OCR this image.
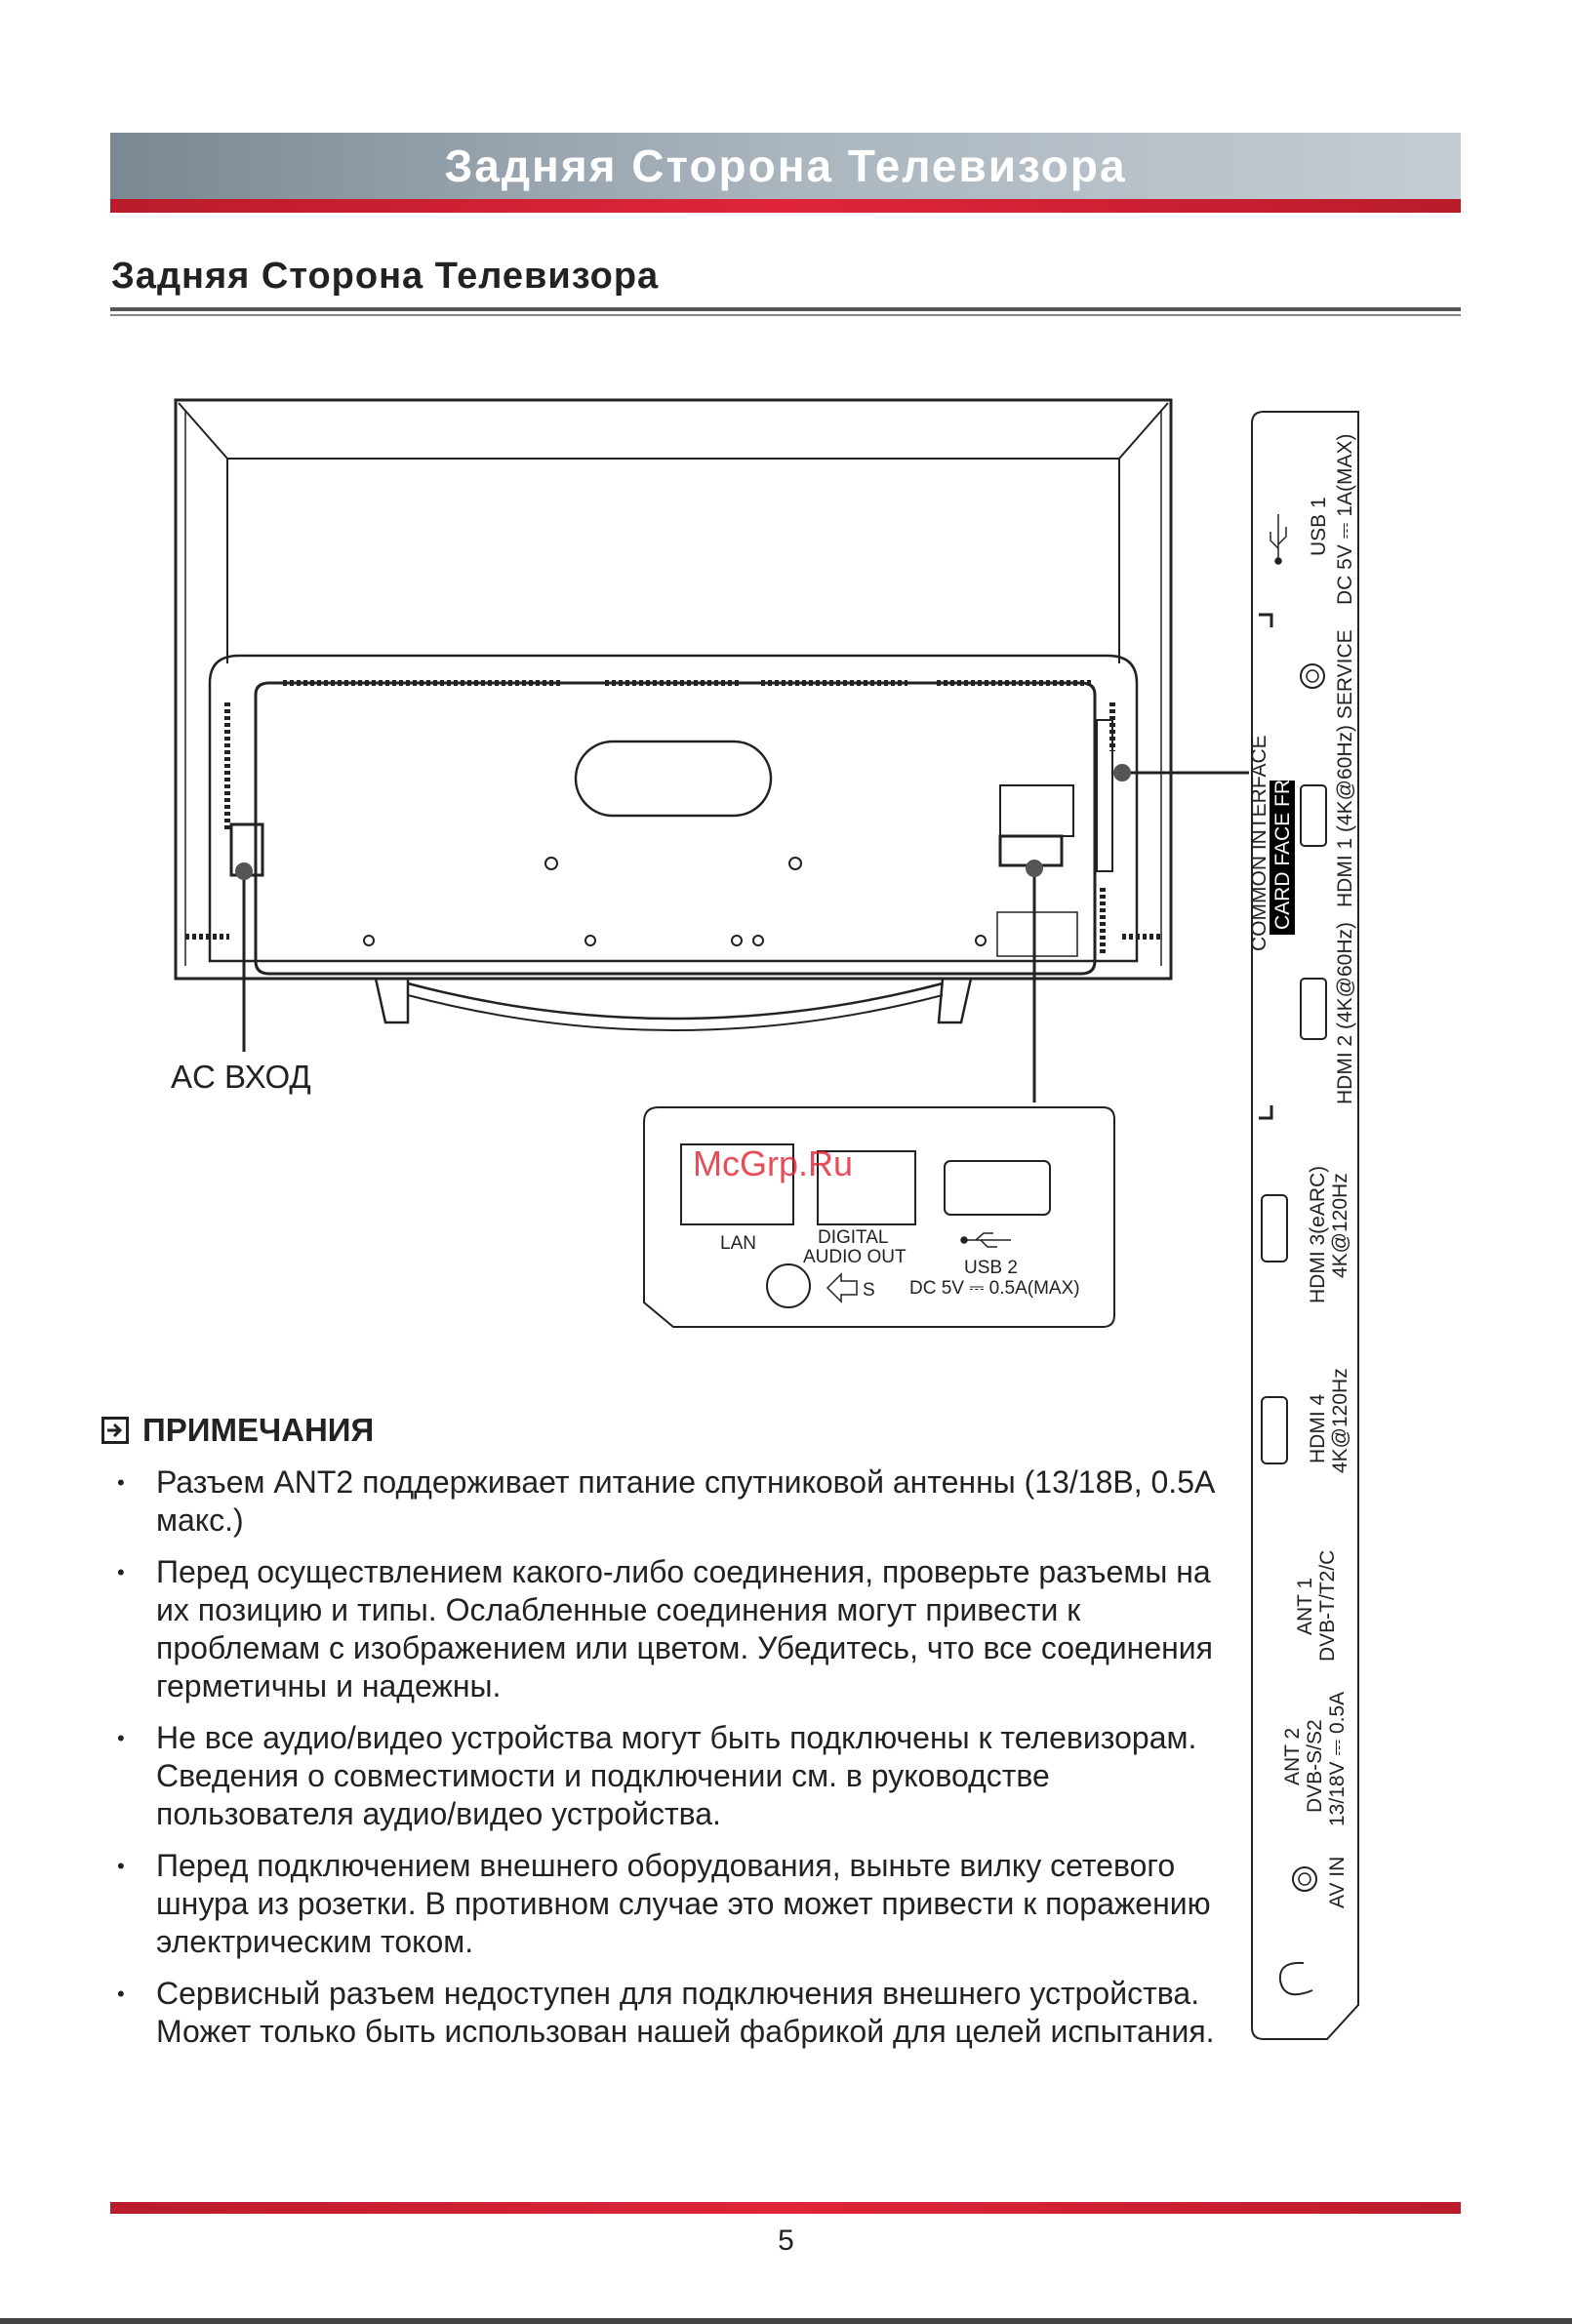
Задняя Сторона Телевизора
Задняя Сторона Телевизора
AC ВХОД
LAN	DIGITAL
AUDIO OUT
USB 2
DC 5V ⎓ 0.5A(MAX)
S
McGrp.Ru
USB 1 DC 5V ⎓ 1A(MAX)
HDMI 1 (4K@60Hz) SERVICE
COMMON INTERFACE CARD FACE FRONT
HDMI 2 (4K@60Hz)
HDMI 3(eARC) 4K@120Hz
HDMI 4 4K@120Hz
ANT 1 DVB-T/T2/C
ANT 2 DVB-S/S2 13/18V ⎓ 0.5A
AV IN
ПРИМЕЧАНИЯ
• Разъем ANT2 поддерживает питание спутниковой антенны (13/18В, 0.5А макс.)
• Перед осуществлением какого-либо соединения, проверьте разъемы на их позицию и типы. Ослабленные соединения могут привести к проблемам с изображением или цветом. Убедитесь, что все соединения герметичны и надежны.
• Не все аудио/видео устройства могут быть подключены к телевизорам. Сведения о совместимости и подключении см. в руководстве пользователя аудио/видео устройства.
• Перед подключением внешнего оборудования, выньте вилку сетевого шнура из розетки. В противном случае это может привести к поражению электрическим током.
• Сервисный разъем недоступен для подключения внешнего устройства. Может только быть использован нашей фабрикой для целей испытания.
5
